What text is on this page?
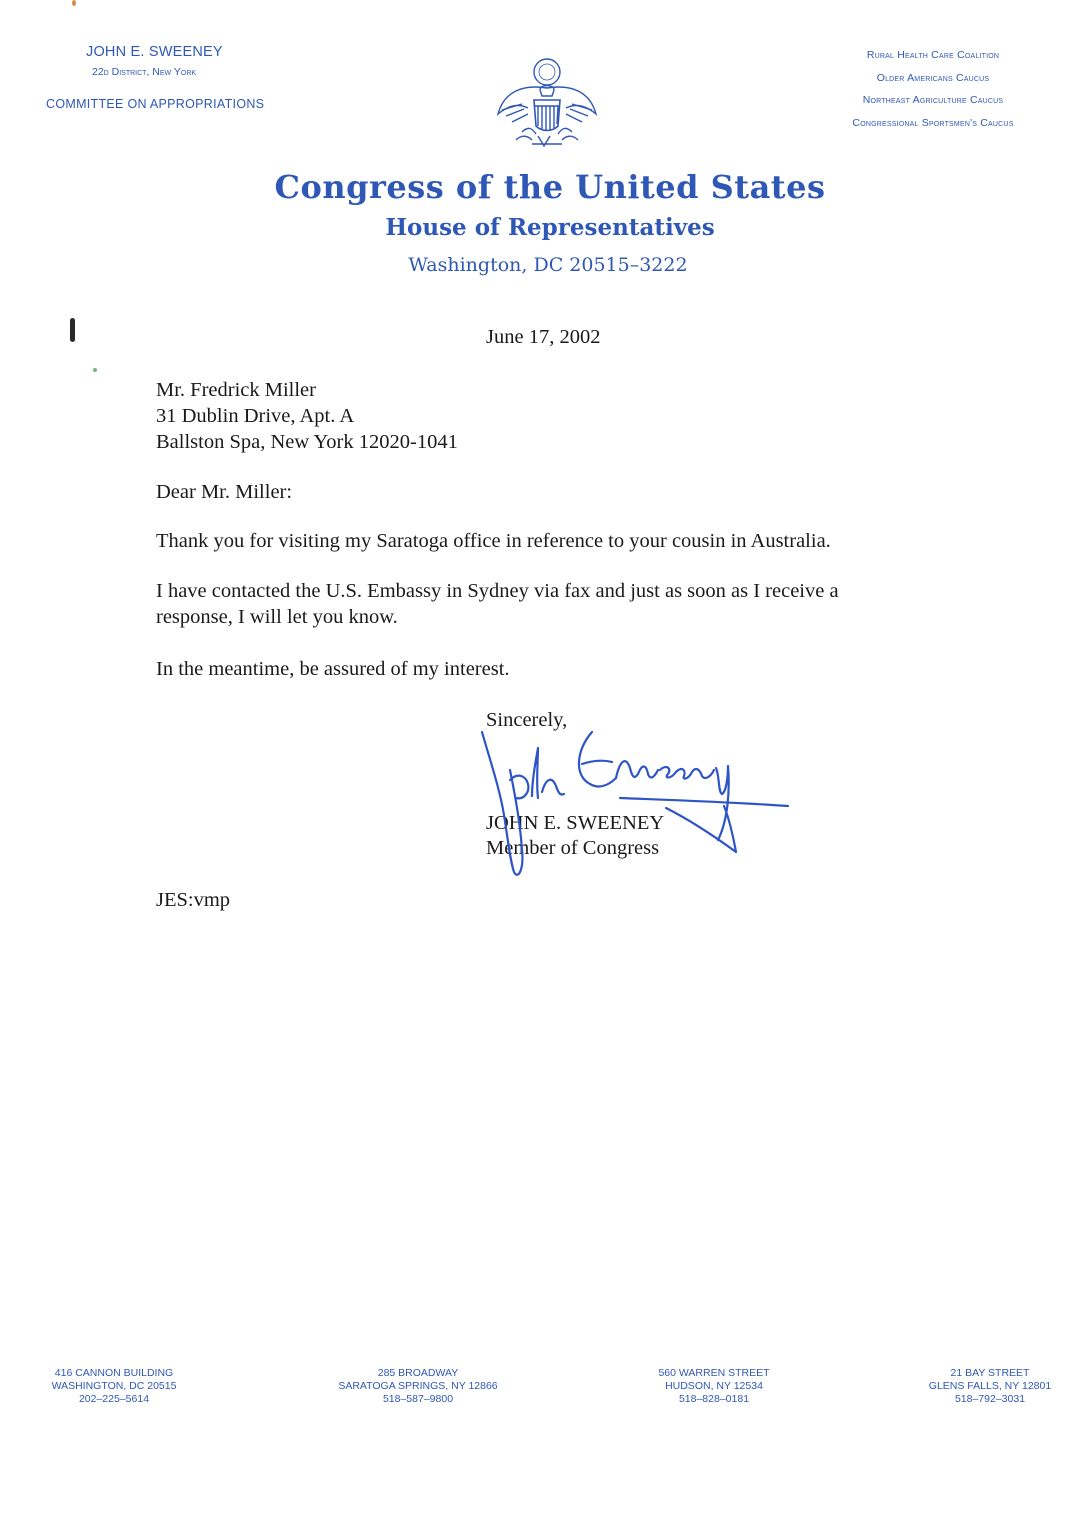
JOHN E. SWEENEY
22d District, New York
COMMITTEE ON APPROPRIATIONS
Rural Health Care Coalition
Older Americans Caucus
Northeast Agriculture Caucus
Congressional Sportsmen's Caucus
Congress of the United States
House of Representatives
Washington, DC 20515–3222
June 17, 2002
Mr. Fredrick Miller
31 Dublin Drive, Apt. A
Ballston Spa, New York 12020-1041
Dear Mr. Miller:
Thank you for visiting my Saratoga office in reference to your cousin in Australia.
I have contacted the U.S. Embassy in Sydney via fax and just as soon as I receive a response, I will let you know.
In the meantime, be assured of my interest.
Sincerely,
JOHN E. SWEENEY
Member of Congress
JES:vmp
416 CANNON BUILDING
WASHINGTON, DC 20515
202–225–5614
285 BROADWAY
SARATOGA SPRINGS, NY 12866
518–587–9800
560 WARREN STREET
HUDSON, NY 12534
518–828–0181
21 BAY STREET
GLENS FALLS, NY 12801
518–792–3031
